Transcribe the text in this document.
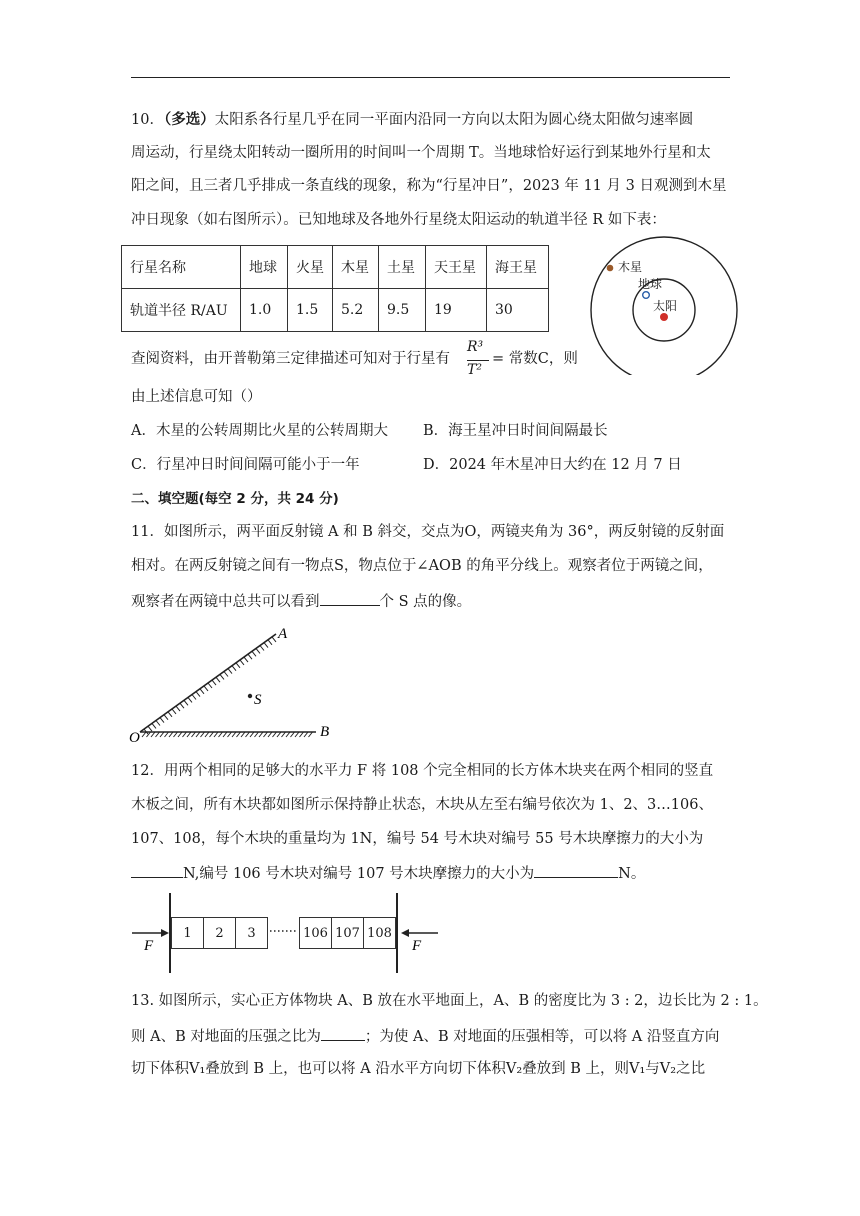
10．（多选）太阳系各行星几乎在同一平面内沿同一方向以太阳为圆心绕太阳做匀速率圆
周运动，行星绕太阳转动一圈所用的时间叫一个周期 T。当地球恰好运行到某地外行星和太
阳之间，且三者几乎排成一条直线的现象，称为“行星冲日”，2023 年 11 月 3 日观测到木星
冲日现象（如右图所示）。已知地球及各地外行星绕太阳运动的轨道半径 R 如下表：
行星名称	地球	火星	木星	土星	天王星	海王星
轨道半径 R/AU	1.0	1.5	5.2	9.5	19	30
木星
地球
太阳
查阅资料，由开普勒第三定律描述可知对于行星有
R³
T²
= 常数C，则
由上述信息可知（）
A．木星的公转周期比火星的公转周期大 B．海王星冲日时间间隔最长
C．行星冲日时间间隔可能小于一年	D．2024 年木星冲日大约在 12 月 7 日
二、填空题(每空 2 分，共 24 分)
11．如图所示，两平面反射镜 A 和 B 斜交，交点为O，两镜夹角为 36°，两反射镜的反射面
相对。在两反射镜之间有一物点S，物点位于∠AOB 的角平分线上。观察者位于两镜之间，
观察者在两镜中总共可以看到	个 S 点的像。
A
B
O
S
12．用两个相同的足够大的水平力 F 将 108 个完全相同的长方体木块夹在两个相同的竖直
木板之间，所有木块都如图所示保持静止状态，木块从左至右编号依次为 1、2、3…106、
107、108，每个木块的重量均为 1N，编号 54 号木块对编号 55 号木块摩擦力的大小为
N,编号 106 号木块对编号 107 号木块摩擦力的大小为	N。
1	2	3	106 107 108
F	F
13. 如图所示，实心正方体物块 A、B 放在水平地面上，A、B 的密度比为 3 : 2，边长比为 2 : 1。
则 A、B 对地面的压强之比为	；为使 A、B 对地面的压强相等，可以将 A 沿竖直方向
切下体积V₁叠放到 B 上，也可以将 A 沿水平方向切下体积V₂叠放到 B 上，则V₁与V₂之比
